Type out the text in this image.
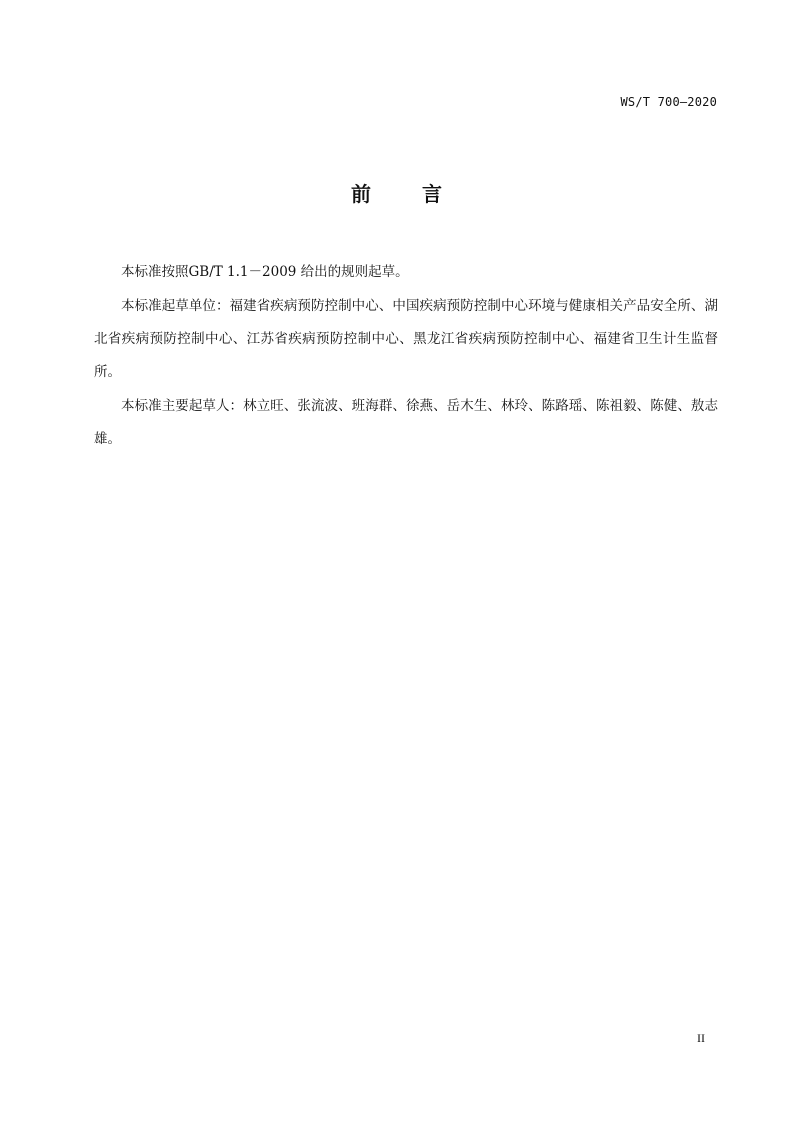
WS/T 700—2020
前 言

本标准按照GB/T 1.1－2009 给出的规则起草。

本标准起草单位：福建省疾病预防控制中心、中国疾病预防控制中心环境与健康相关产品安全所、湖北省疾病预防控制中心、江苏省疾病预防控制中心、黑龙江省疾病预防控制中心、福建省卫生计生监督所。

本标准主要起草人：林立旺、张流波、班海群、徐燕、岳木生、林玲、陈路瑶、陈祖毅、陈健、敖志雄。

II
